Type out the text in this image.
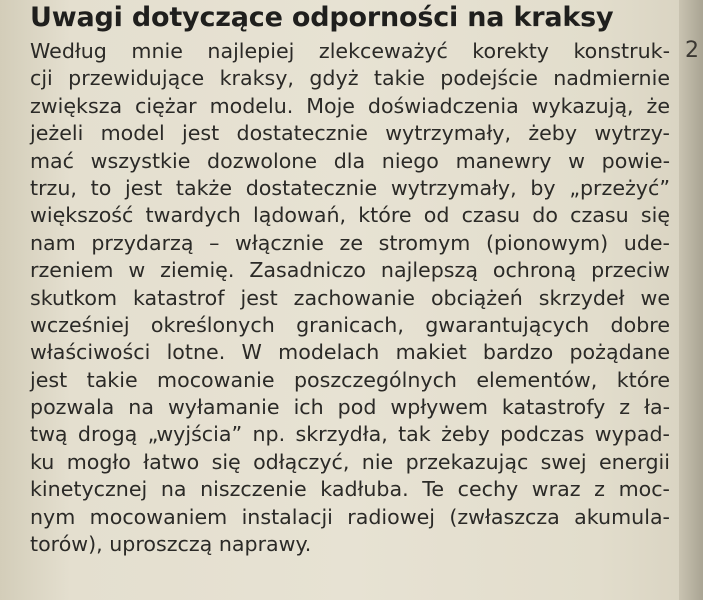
2
Uwagi dotyczące odporności na kraksy
Według mnie najlepiej zlekceważyć korekty konstruk-
cji przewidujące kraksy, gdyż takie podejście nadmiernie
zwiększa ciężar modelu. Moje doświadczenia wykazują, że
jeżeli model jest dostatecznie wytrzymały, żeby wytrzy-
mać wszystkie dozwolone dla niego manewry w powie-
trzu, to jest także dostatecznie wytrzymały, by „przeżyć”
większość twardych lądowań, które od czasu do czasu się
nam przydarzą – włącznie ze stromym (pionowym) ude-
rzeniem w ziemię. Zasadniczo najlepszą ochroną przeciw
skutkom katastrof jest zachowanie obciążeń skrzydeł we
wcześniej określonych granicach, gwarantujących dobre
właściwości lotne. W modelach makiet bardzo pożądane
jest takie mocowanie poszczególnych elementów, które
pozwala na wyłamanie ich pod wpływem katastrofy z ła-
twą drogą „wyjścia” np. skrzydła, tak żeby podczas wypad-
ku mogło łatwo się odłączyć, nie przekazując swej energii
kinetycznej na niszczenie kadłuba. Te cechy wraz z moc-
nym mocowaniem instalacji radiowej (zwłaszcza akumula-
torów), uproszczą naprawy.
